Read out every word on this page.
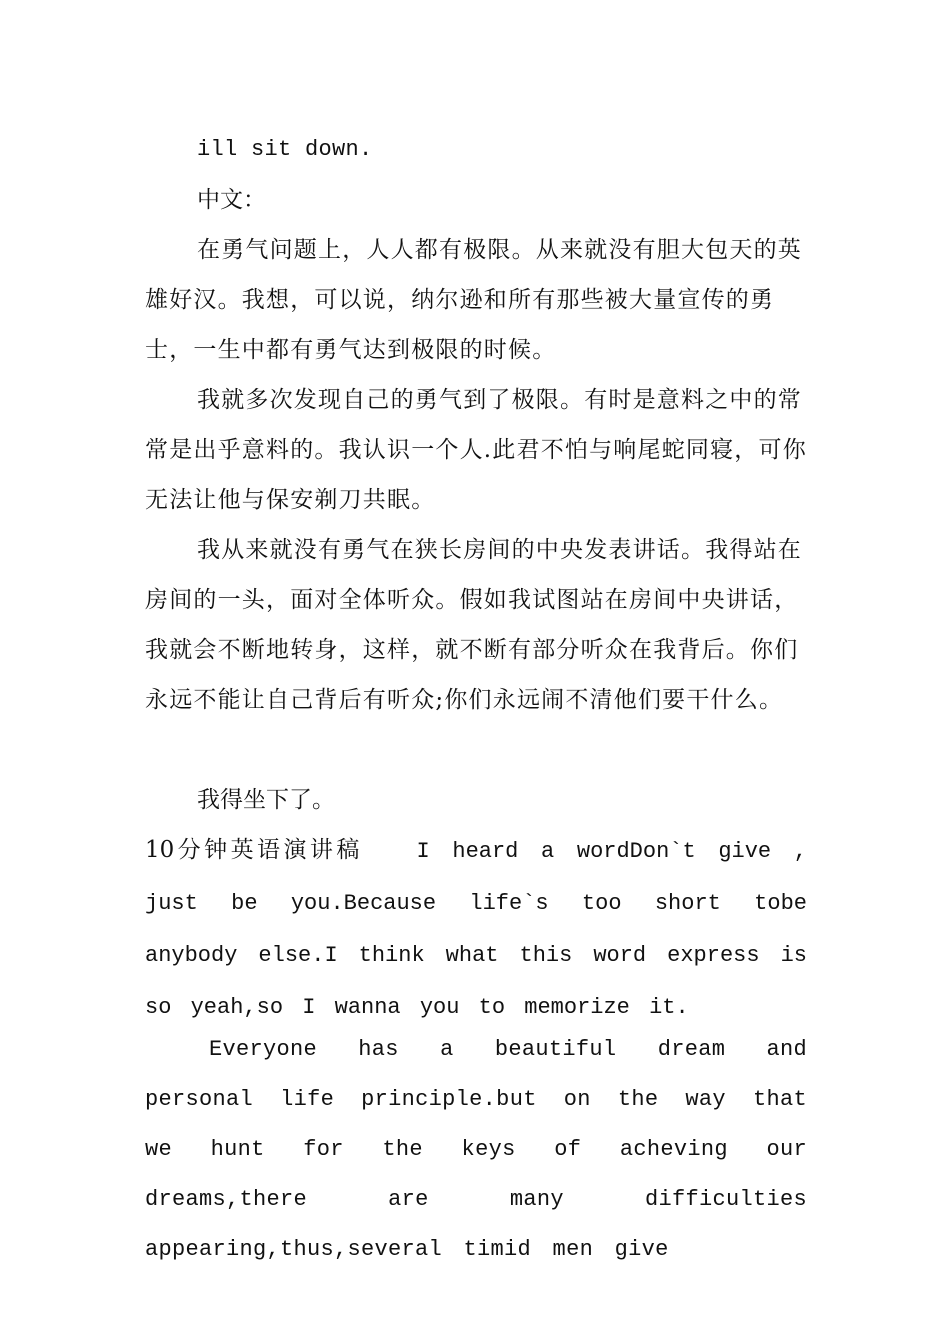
ill sit down.

中文：

在勇气问题上，人人都有极限。从来就没有胆大包天的英雄好汉。我想，可以说，纳尔逊和所有那些被大量宣传的勇士，一生中都有勇气达到极限的时候。

我就多次发现自己的勇气到了极限。有时是意料之中的常常是出乎意料的。我认识一个人.此君不怕与响尾蛇同寝，可你无法让他与保安剃刀共眠。

我从来就没有勇气在狭长房间的中央发表讲话。我得站在房间的一头，面对全体听众。假如我试图站在房间中央讲话，我就会不断地转身，这样，就不断有部分听众在我背后。你们永远不能让自己背后有听众;你们永远闹不清他们要干什么。

我得坐下了。

10分钟英语演讲稿 I heard a wordDon`t give , just be you.Because life`s too short tobe anybody else.I think what this word express is so yeah,so I wanna you to memorize it.

Everyone has a beautiful dream and personal life principle.but on the way that we hunt for the keys of acheving our dreams,there are many difficulties appearing,thus,several timid men give
